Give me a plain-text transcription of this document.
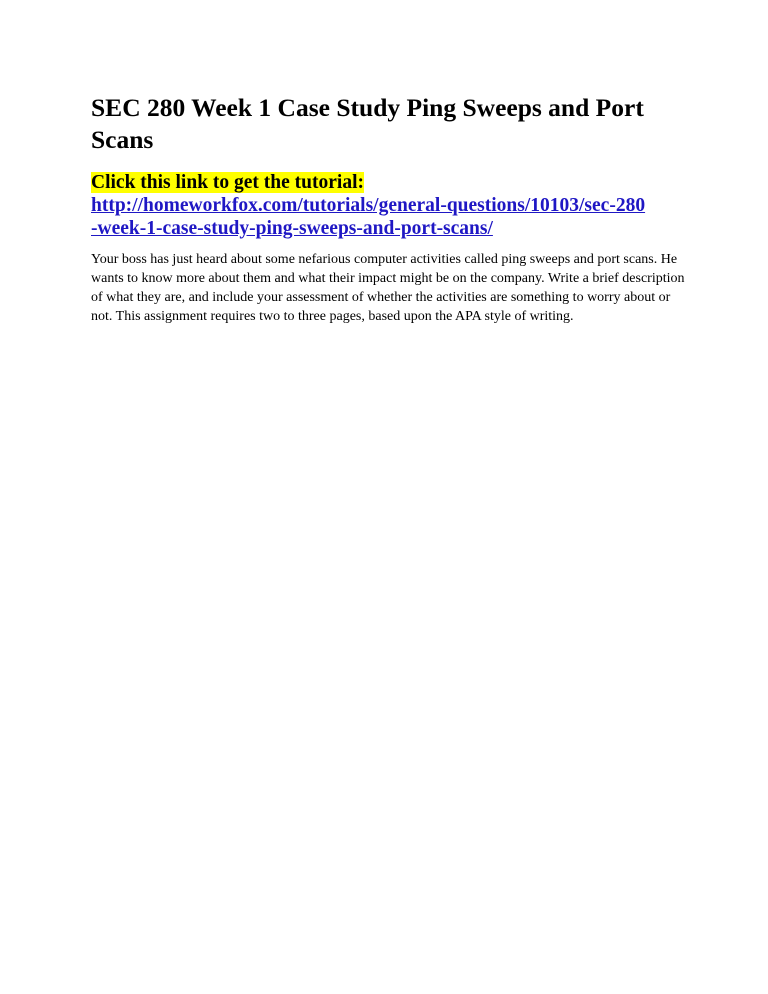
SEC 280 Week 1 Case Study Ping Sweeps and Port Scans
Click this link to get the tutorial:
http://homeworkfox.com/tutorials/general-questions/10103/sec-280-week-1-case-study-ping-sweeps-and-port-scans/

Your boss has just heard about some nefarious computer activities called ping sweeps and port scans. He wants to know more about them and what their impact might be on the company. Write a brief description of what they are, and include your assessment of whether the activities are something to worry about or not. This assignment requires two to three pages, based upon the APA style of writing.
